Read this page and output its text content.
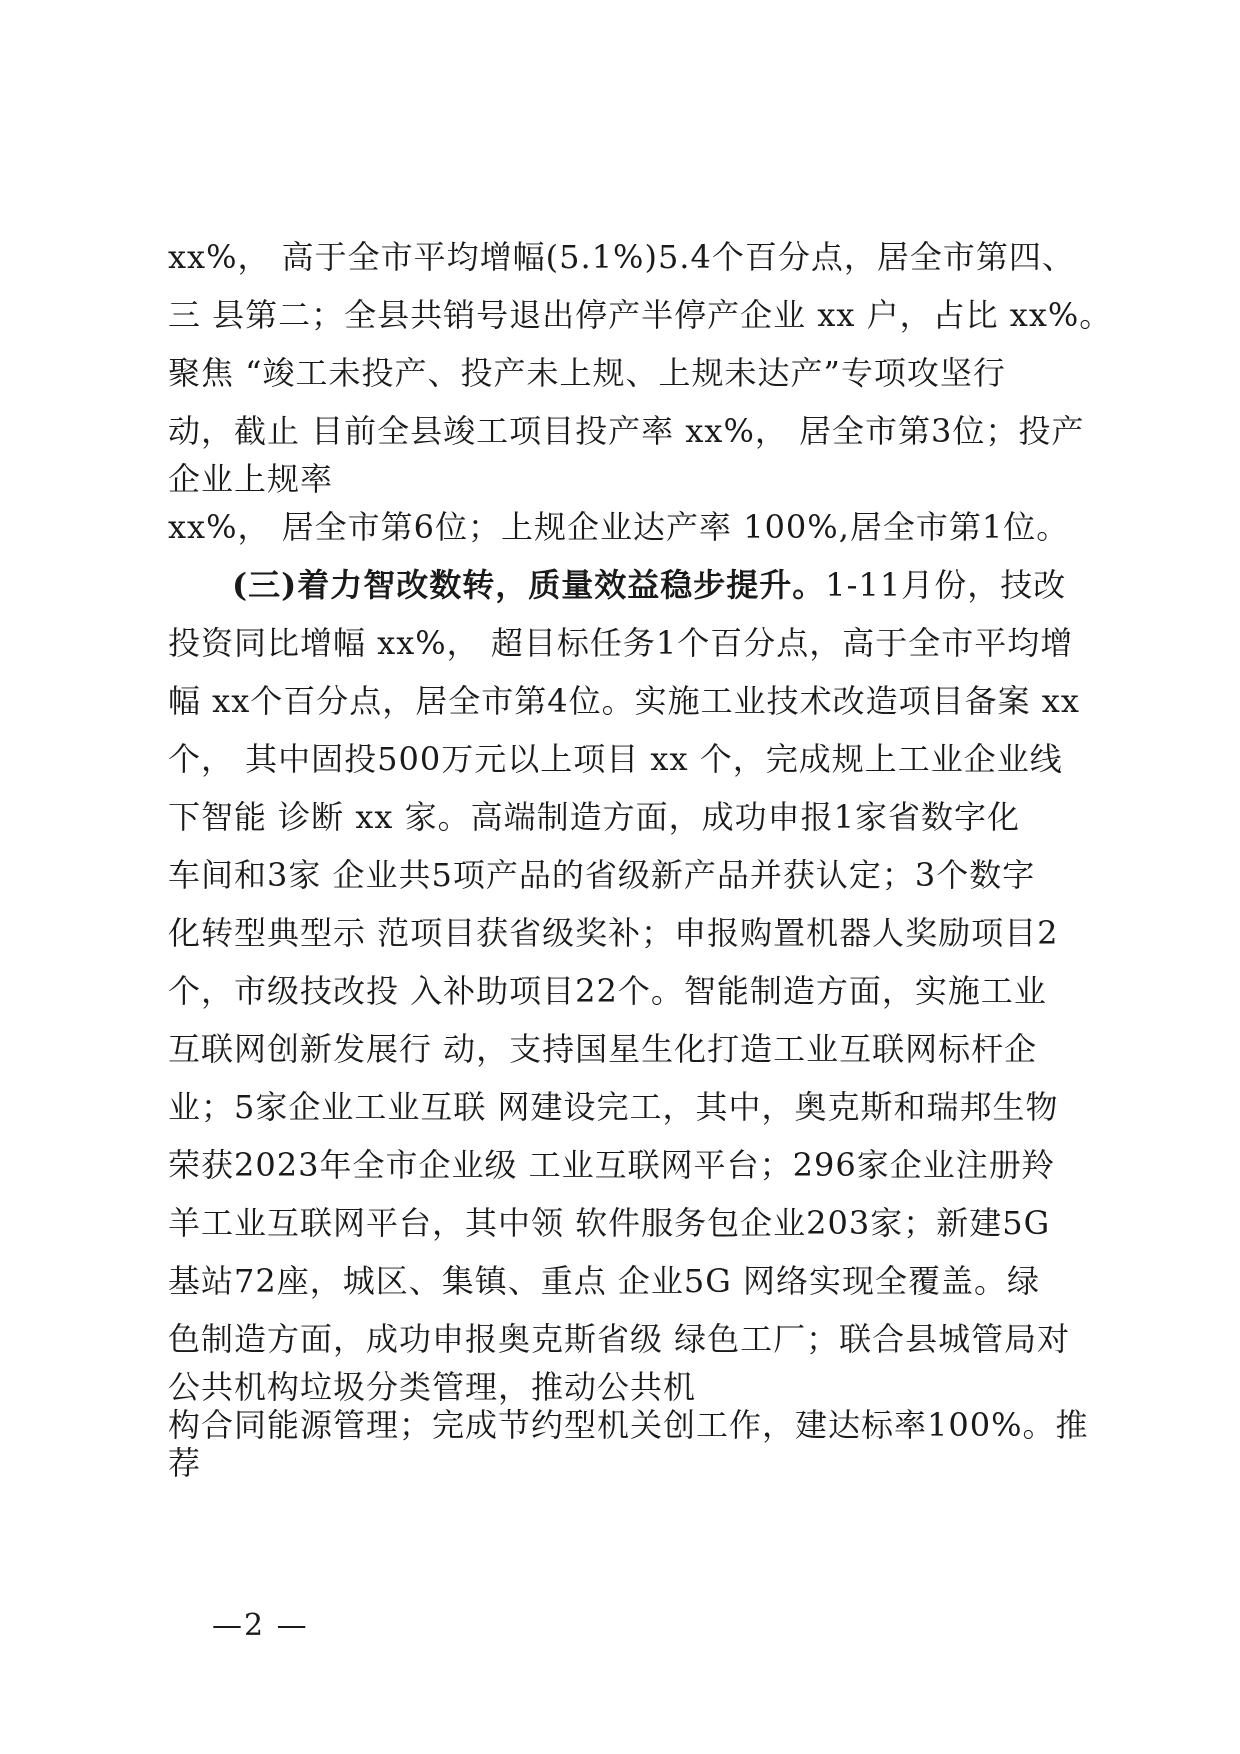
xx%， 高于全市平均增幅(5.1%)5.4个百分点，居全市第四、
三 县第二；全县共销号退出停产半停产企业 xx 户，占比 xx%。
聚焦 “竣工未投产、投产未上规、上规未达产”专项攻坚行
动，截止 目前全县竣工项目投产率 xx%， 居全市第3位；投产
企业上规率
xx%， 居全市第6位；上规企业达产率 100%,居全市第1位。
(三)着力智改数转，质量效益稳步提升。1-11月份，技改
投资同比增幅 xx%， 超目标任务1个百分点，高于全市平均增
幅 xx个百分点，居全市第4位。实施工业技术改造项目备案 xx
个， 其中固投500万元以上项目 xx 个，完成规上工业企业线
下智能 诊断 xx 家。高端制造方面，成功申报1家省数字化
车间和3家 企业共5项产品的省级新产品并获认定；3个数字
化转型典型示 范项目获省级奖补；申报购置机器人奖励项目2
个，市级技改投 入补助项目22个。智能制造方面，实施工业
互联网创新发展行 动，支持国星生化打造工业互联网标杆企
业；5家企业工业互联 网建设完工，其中，奥克斯和瑞邦生物
荣获2023年全市企业级 工业互联网平台；296家企业注册羚
羊工业互联网平台，其中领 软件服务包企业203家；新建5G
基站72座，城区、集镇、重点 企业5G 网络实现全覆盖。绿
色制造方面，成功申报奥克斯省级 绿色工厂；联合县城管局对
公共机构垃圾分类管理，推动公共机
构合同能源管理；完成节约型机关创工作，建达标率100%。推
荐
—2 —
